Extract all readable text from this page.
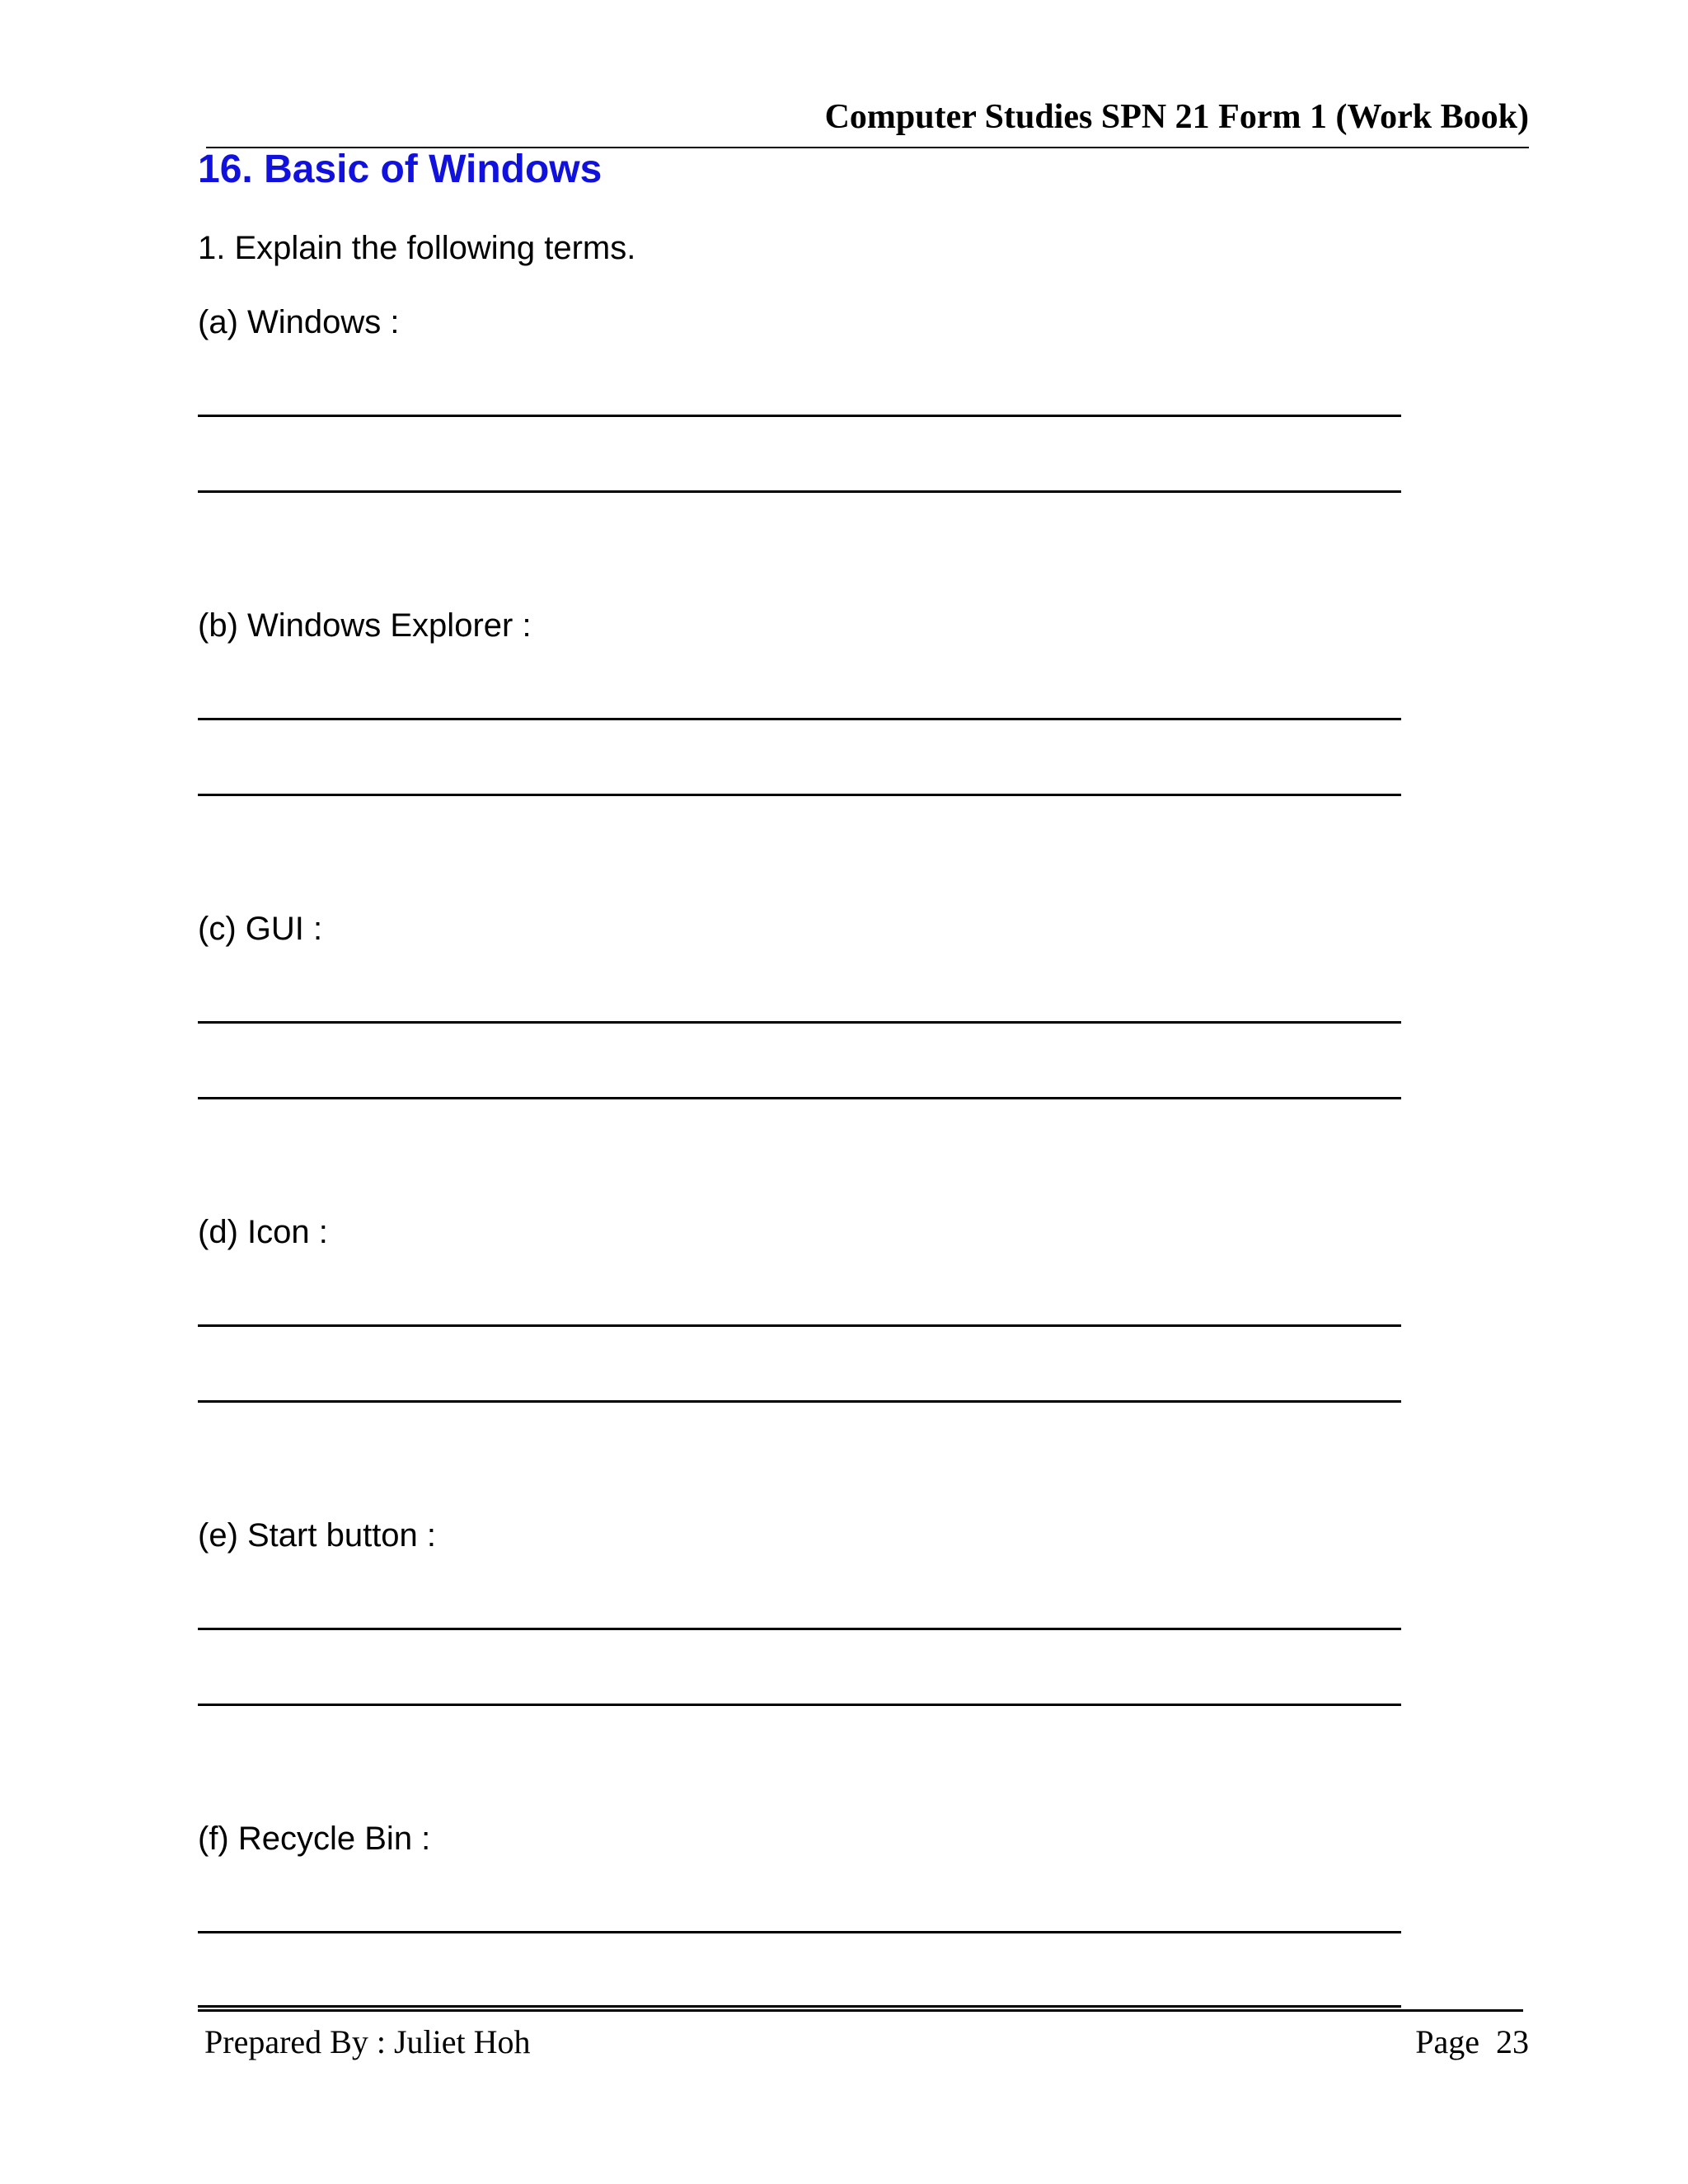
Computer Studies SPN 21 Form 1 (Work Book)
16. Basic of Windows
1. Explain the following terms.
(a) Windows :
(b) Windows Explorer :
(c) GUI :
(d) Icon :
(e) Start button :
(f) Recycle Bin :
Prepared By : Juliet Hoh	Page 23
